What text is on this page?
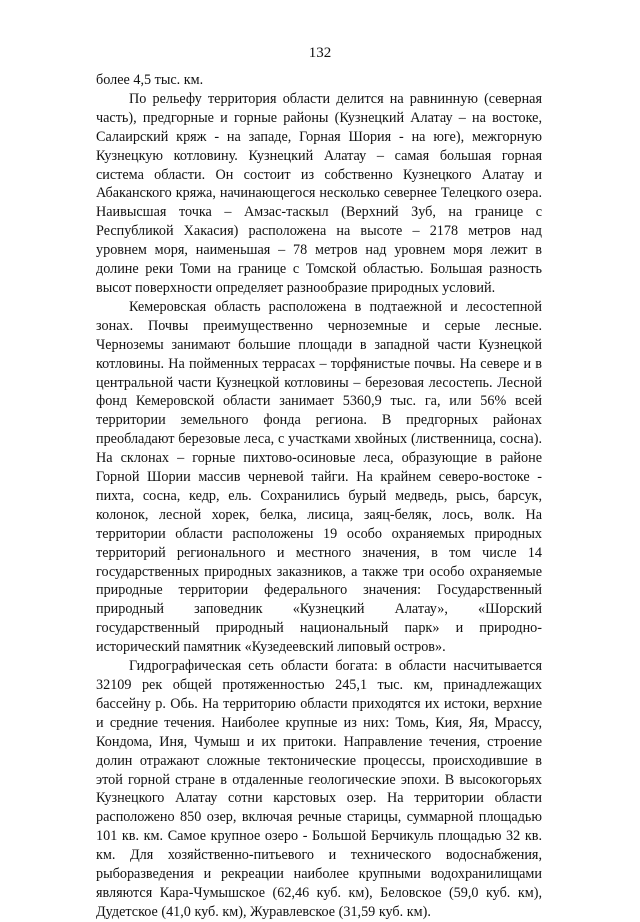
132

более 4,5 тыс. км.

По рельефу территория области делится на равнинную (северная часть), предгорные и горные районы (Кузнецкий Алатау – на востоке, Салаирский кряж - на западе, Горная Шория - на юге), межгорную Кузнецкую котловину. Кузнецкий Алатау – самая большая горная система области. Он состоит из собственно Кузнецкого Алатау и Абаканского кряжа, начинающегося несколько севернее Телецкого озера. Наивысшая точка – Амзас-таскыл (Верхний Зуб, на границе с Республикой Хакасия) расположена на высоте – 2178 метров над уровнем моря, наименьшая – 78 метров над уровнем моря лежит в долине реки Томи на границе с Томской областью. Большая разность высот поверхности определяет разнообразие природных условий.

Кемеровская область расположена в подтаежной и лесостепной зонах. Почвы преимущественно черноземные и серые лесные. Черноземы занимают большие площади в западной части Кузнецкой котловины. На пойменных террасах – торфянистые почвы. На севере и в центральной части Кузнецкой котловины – березовая лесостепь. Лесной фонд Кемеровской области занимает 5360,9 тыс. га, или 56% всей территории земельного фонда региона. В предгорных районах преобладают березовые леса, с участками хвойных (лиственница, сосна). На склонах – горные пихтово-осиновые леса, образующие в районе Горной Шории массив черневой тайги. На крайнем северо-востоке - пихта, сосна, кедр, ель. Сохранились бурый медведь, рысь, барсук, колонок, лесной хорек, белка, лисица, заяц-беляк, лось, волк. На территории области расположены 19 особо охраняемых природных территорий регионального и местного значения, в том числе 14 государственных природных заказников, а также три особо охраняемые природные территории федерального значения: Государственный природный заповедник «Кузнецкий Алатау», «Шорский государственный природный национальный парк» и природно-исторический памятник «Кузедеевский липовый остров».

Гидрографическая сеть области богата: в области насчитывается 32109 рек общей протяженностью 245,1 тыс. км, принадлежащих бассейну р. Обь. На территорию области приходятся их истоки, верхние и средние течения. Наиболее крупные из них: Томь, Кия, Яя, Мрассу, Кондома, Иня, Чумыш и их притоки. Направление течения, строение долин отражают сложные тектонические процессы, происходившие в этой горной стране в отдаленные геологические эпохи. В высокогорьях Кузнецкого Алатау сотни карстовых озер. На территории области расположено 850 озер, включая речные старицы, суммарной площадью 101 кв. км. Самое крупное озеро - Большой Берчикуль площадью 32 кв. км. Для хозяйственно-питьевого и технического водоснабжения, рыборазведения и рекреации наиболее крупными водохранилищами являются Кара-Чумышское (62,46 куб. км), Беловское (59,0 куб. км), Дудетское (41,0 куб. км), Журавлевское (31,59 куб. км).
